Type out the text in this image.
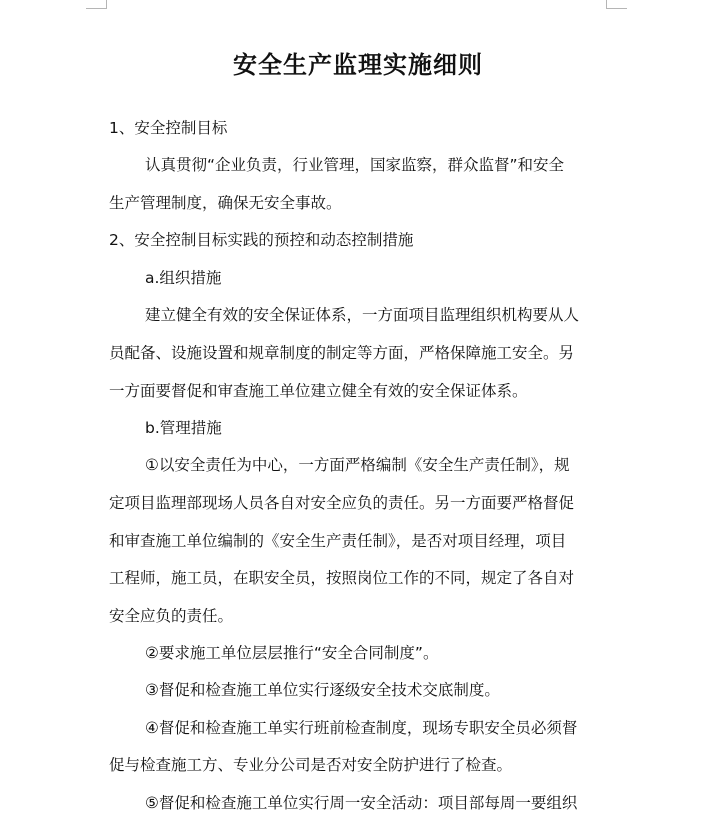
安全生产监理实施细则

1、安全控制目标

认真贯彻“企业负责，行业管理，国家监察，群众监督”和安全
生产管理制度，确保无安全事故。

2、安全控制目标实践的预控和动态控制措施

a.组织措施

建立健全有效的安全保证体系，一方面项目监理组织机构要从人
员配备、设施设置和规章制度的制定等方面，严格保障施工安全。另
一方面要督促和审查施工单位建立健全有效的安全保证体系。

b.管理措施

①以安全责任为中心，一方面严格编制《安全生产责任制》，规
定项目监理部现场人员各自对安全应负的责任。另一方面要严格督促
和审查施工单位编制的《安全生产责任制》，是否对项目经理，项目
工程师，施工员，在职安全员，按照岗位工作的不同，规定了各自对
安全应负的责任。

②要求施工单位层层推行“安全合同制度”。

③督促和检查施工单位实行逐级安全技术交底制度。

④督促和检查施工单实行班前检查制度，现场专职安全员必须督
促与检查施工方、专业分公司是否对安全防护进行了检查。
⑤督促和检查施工单位实行周一安全活动：项目部每周一要组织
